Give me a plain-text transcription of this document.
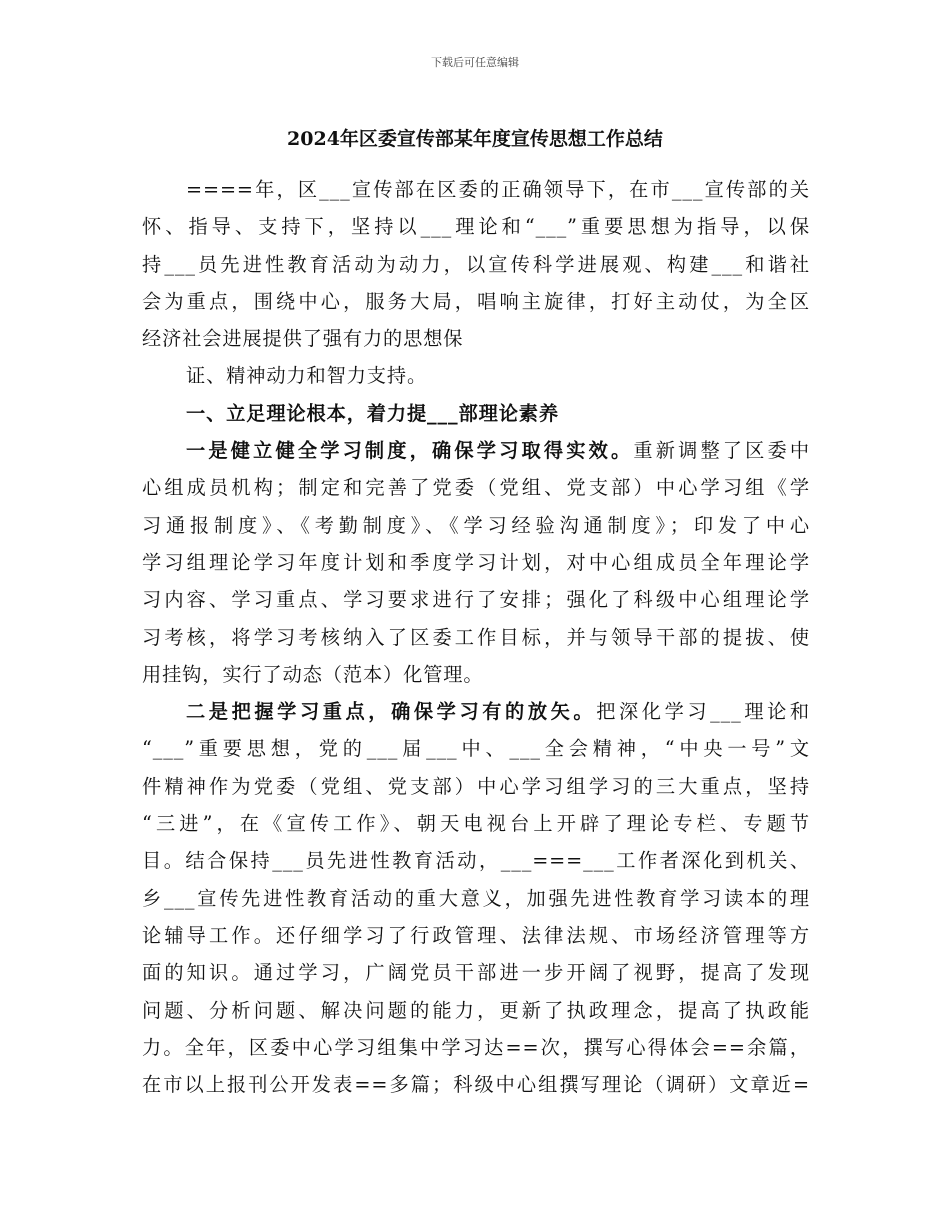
下载后可任意编辑
2024年区委宣传部某年度宣传思想工作总结
====年，区___宣传部在区委的正确领导下，在市___宣传部的关
怀、指导、支持下，坚持以___理论和“___”重要思想为指导，以保
持___员先进性教育活动为动力，以宣传科学进展观、构建___和谐社
会为重点，围绕中心，服务大局，唱响主旋律，打好主动仗，为全区
经济社会进展提供了强有力的思想保
证、精神动力和智力支持。
一、立足理论根本，着力提___部理论素养
一是健立健全学习制度，确保学习取得实效。重新调整了区委中
心组成员机构；制定和完善了党委（党组、党支部）中心学习组《学
习通报制度》、《考勤制度》、《学习经验沟通制度》；印发了中心
学习组理论学习年度计划和季度学习计划，对中心组成员全年理论学
习内容、学习重点、学习要求进行了安排；强化了科级中心组理论学
习考核，将学习考核纳入了区委工作目标，并与领导干部的提拔、使
用挂钩，实行了动态（范本）化管理。
二是把握学习重点，确保学习有的放矢。把深化学习___理论和
“___”重要思想，党的___届___中、___全会精神，“中央一号”文
件精神作为党委（党组、党支部）中心学习组学习的三大重点，坚持
“三进”，在《宣传工作》、朝天电视台上开辟了理论专栏、专题节
目。结合保持___员先进性教育活动，___===___工作者深化到机关、
乡___宣传先进性教育活动的重大意义，加强先进性教育学习读本的理
论辅导工作。还仔细学习了行政管理、法律法规、市场经济管理等方
面的知识。通过学习，广阔党员干部进一步开阔了视野，提高了发现
问题、分析问题、解决问题的能力，更新了执政理念，提高了执政能
力。全年，区委中心学习组集中学习达==次，撰写心得体会==余篇，
在市以上报刊公开发表==多篇；科级中心组撰写理论（调研）文章近=
